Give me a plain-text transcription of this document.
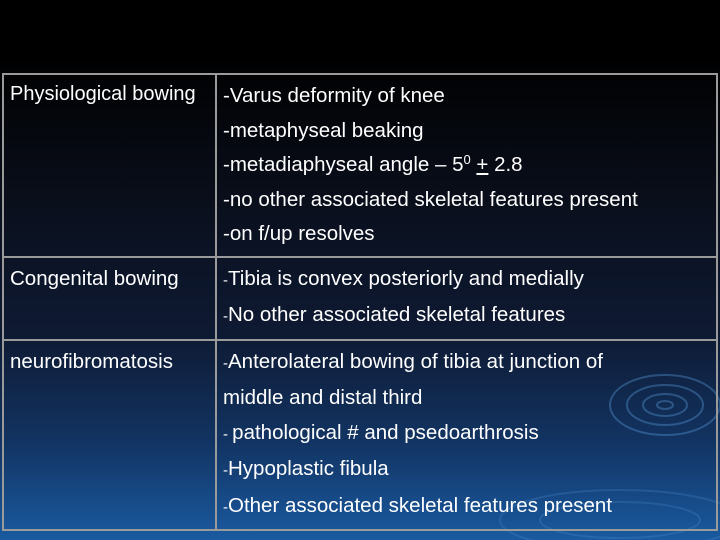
Physiological bowing	-Varus deformity of knee
-metaphyseal beaking
-metadiaphyseal angle – $5^0 + 2.8$
-no other associated skeletal features present
-on f/up resolves

Congenital bowing	-Tibia is convex posteriorly and medially
-No other associated skeletal features

neurofibromatosis	-Anterolateral bowing of tibia at junction of
middle and distal third
- pathological # and psedoarthrosis
-Hypoplastic fibula
-Other associated skeletal features present
